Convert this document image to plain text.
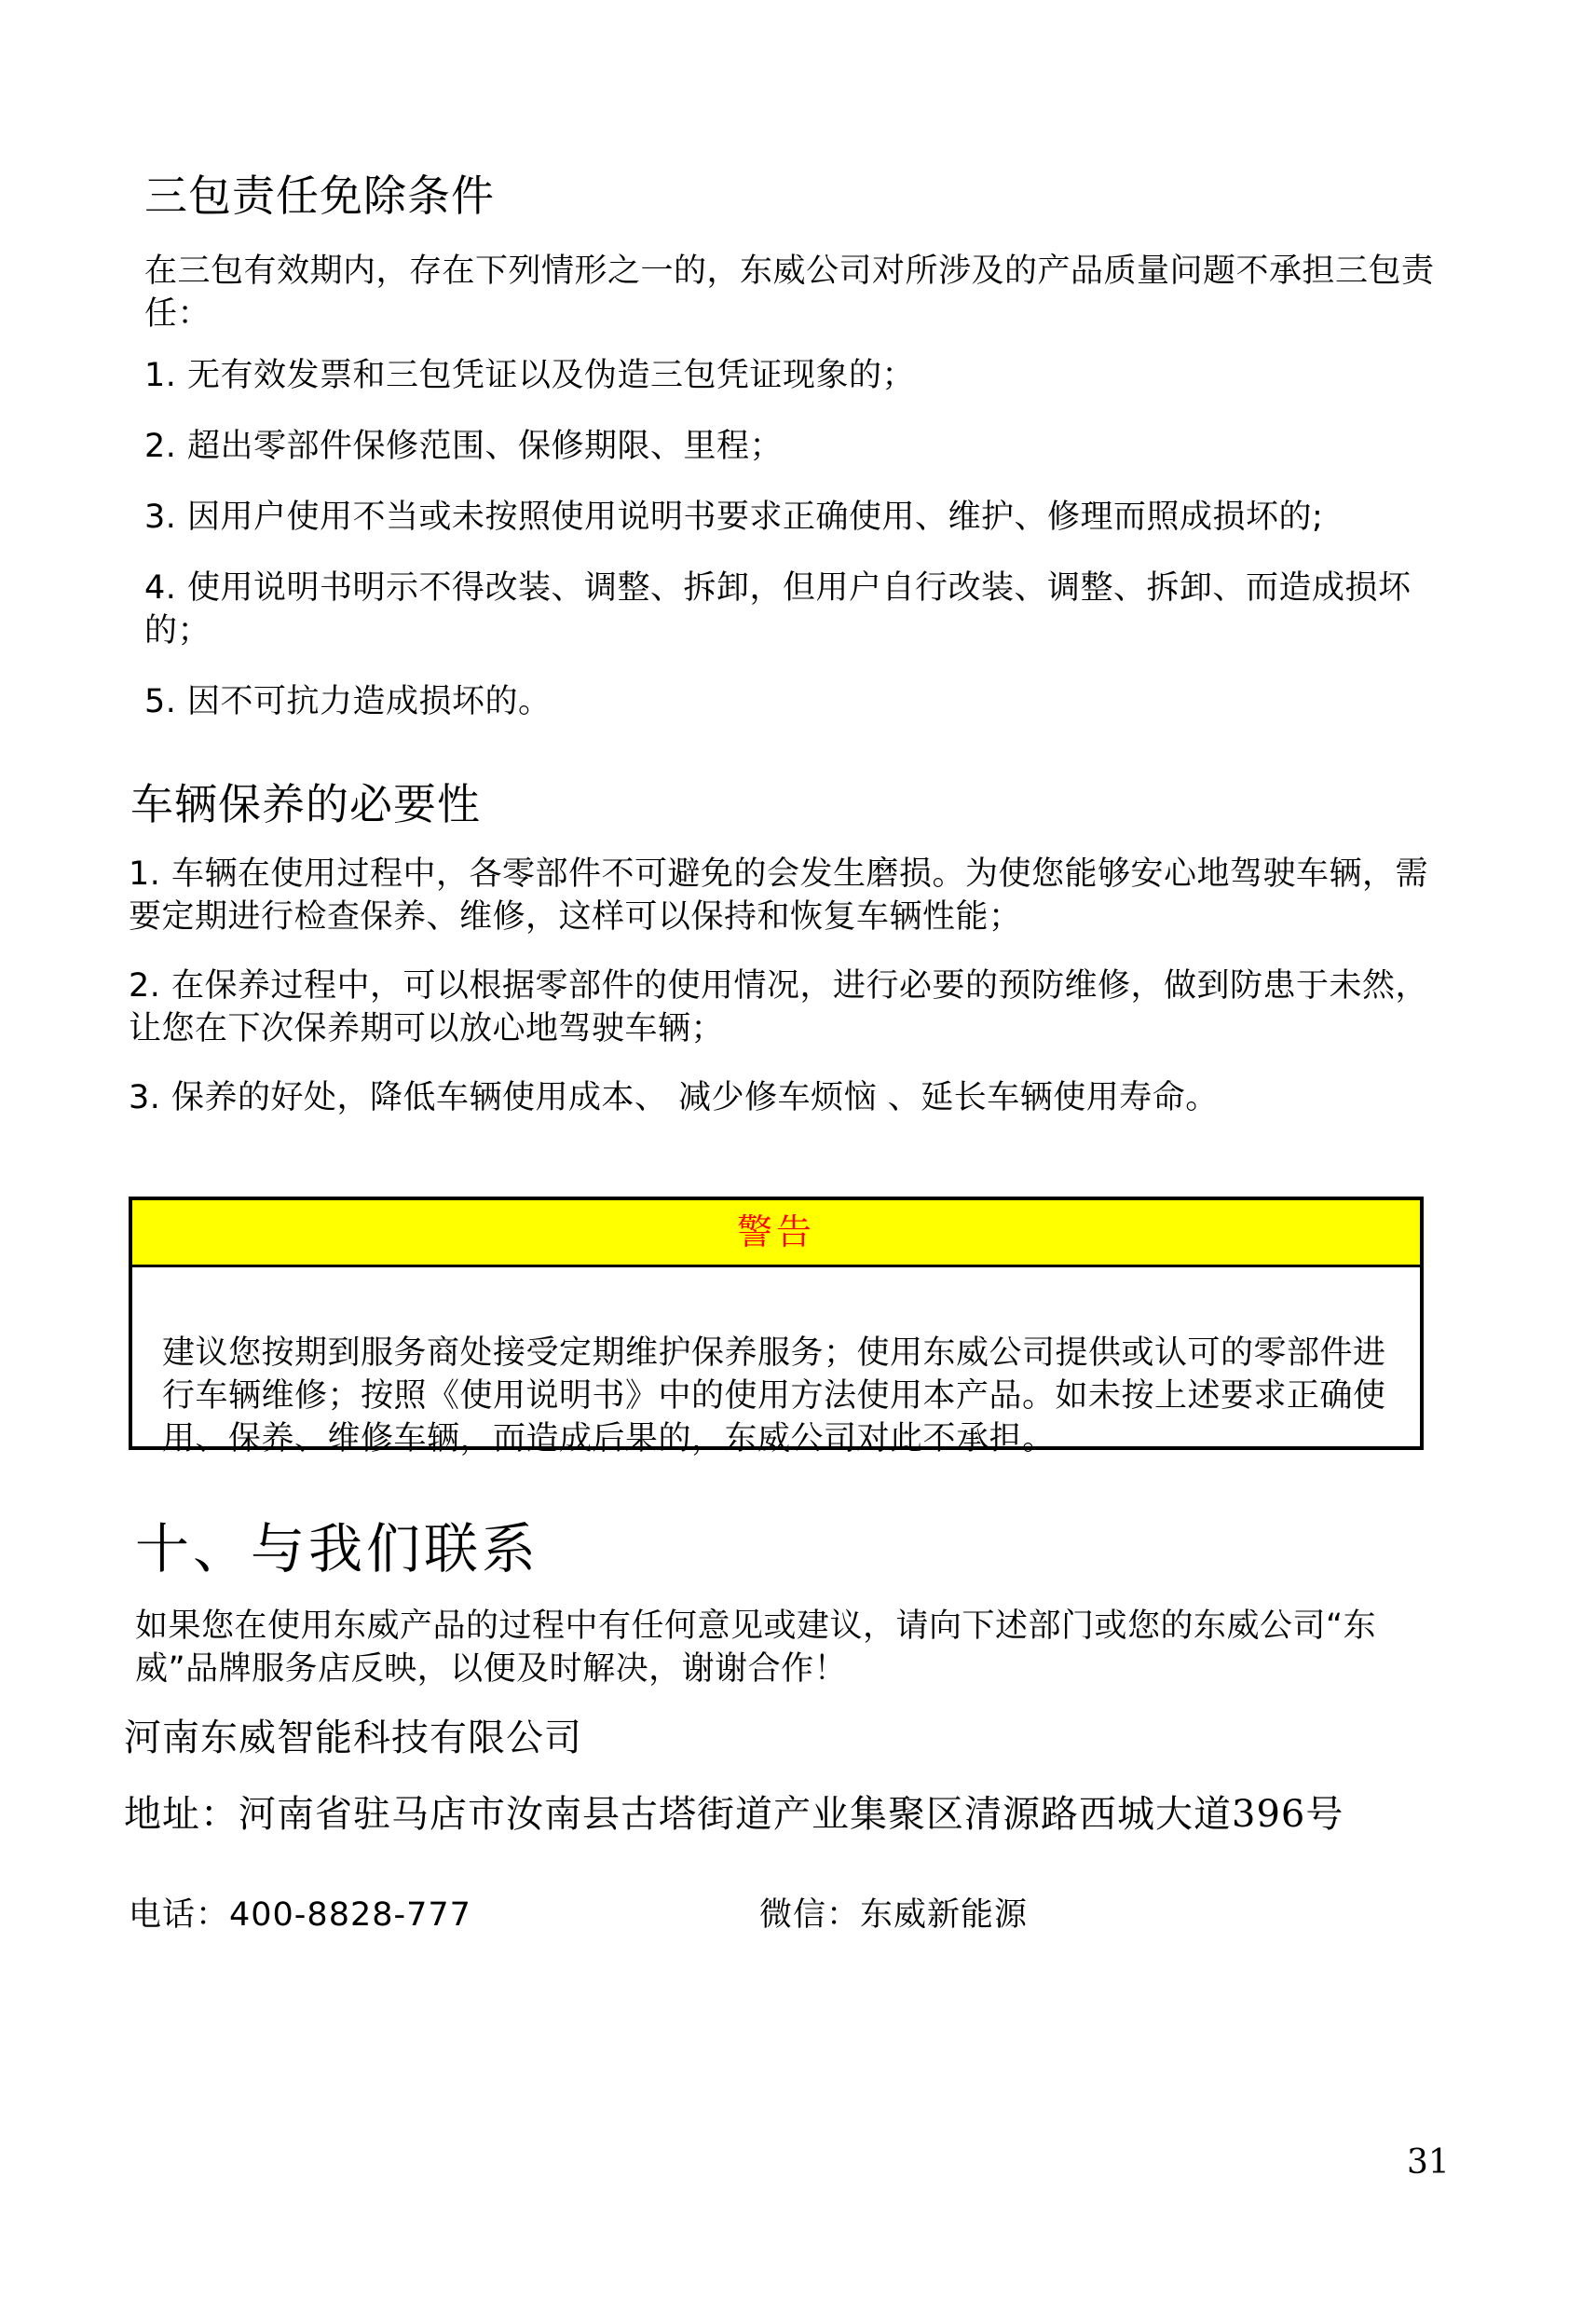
三包责任免除条件

在三包有效期内，存在下列情形之一的，东威公司对所涉及的产品质量问题不承担三包责任：

1. 无有效发票和三包凭证以及伪造三包凭证现象的；
2. 超出零部件保修范围、保修期限、里程；
3. 因用户使用不当或未按照使用说明书要求正确使用、维护、修理而照成损坏的;
4. 使用说明书明示不得改装、调整、拆卸，但用户自行改装、调整、拆卸、而造成损坏的；
5. 因不可抗力造成损坏的。
车辆保养的必要性
1. 车辆在使用过程中，各零部件不可避免的会发生磨损。为使您能够安心地驾驶车辆，需要定期进行检查保养、维修，这样可以保持和恢复车辆性能；
2. 在保养过程中，可以根据零部件的使用情况，进行必要的预防维修，做到防患于未然，让您在下次保养期可以放心地驾驶车辆；
3. 保养的好处，降低车辆使用成本、 减少修车烦恼 、延长车辆使用寿命。
警告

建议您按期到服务商处接受定期维护保养服务；使用东威公司提供或认可的零部件进行车辆维修；按照《使用说明书》中的使用方法使用本产品。如未按上述要求正确使用、保养、维修车辆，而造成后果的，东威公司对此不承担。

十、与我们联系

如果您在使用东威产品的过程中有任何意见或建议，请向下述部门或您的东威公司“东威”品牌服务店反映，以便及时解决，谢谢合作！

河南东威智能科技有限公司

地址：河南省驻马店市汝南县古塔街道产业集聚区清源路西城大道396号

电话：400-8828-777	微信：东威新能源

31
